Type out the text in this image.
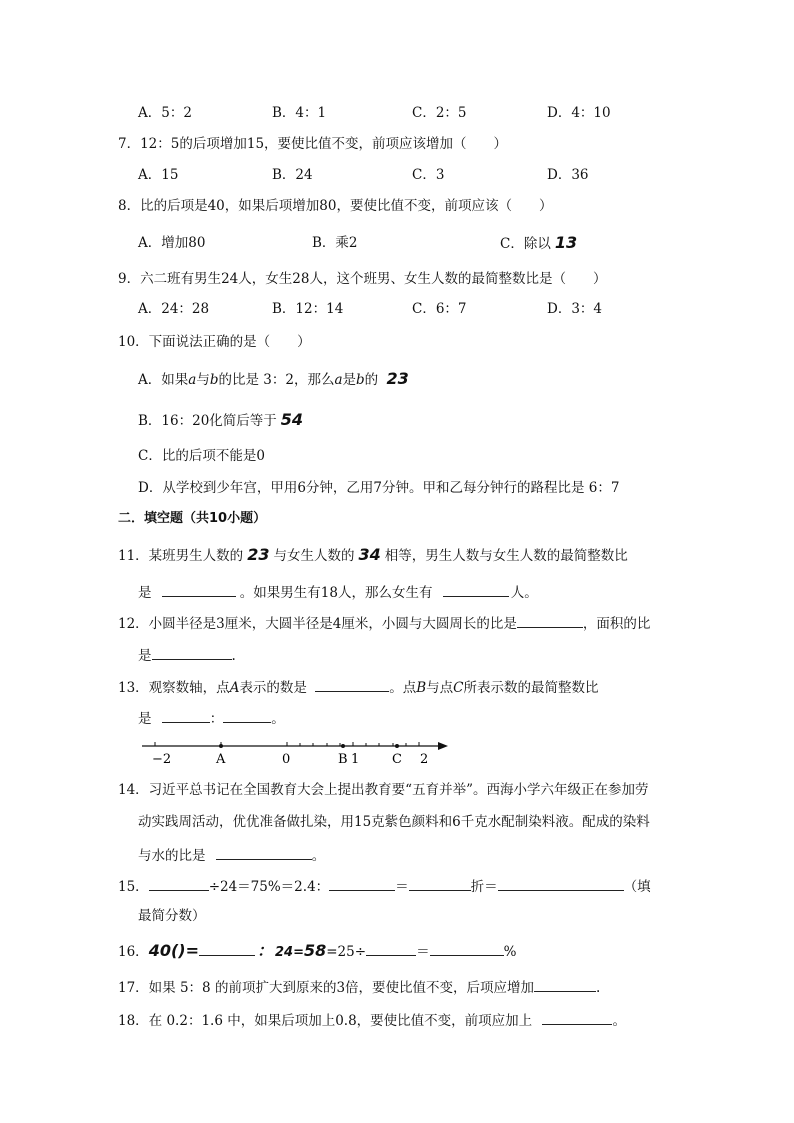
A．5：2	B．4：1	C．2：5	D．4：10
7．12：5的后项增加15，要使比值不变，前项应该增加（　　）
A．15	B．24	C．3	D．36
8．比的后项是40，如果后项增加80，要使比值不变，前项应该（　　）
A．增加80	B．乘2	C．除以 13
9．六二班有男生24人，女生28人，这个班男、女生人数的最简整数比是（　　）
A．24：28	B．12：14	C．6：7	D．3：4
10．下面说法正确的是（　　）
A．如果a与b的比是 3：2，那么a是b的 23
B．16：20化简后等于 54
C．比的后项不能是0
D．从学校到少年宫，甲用6分钟，乙用7分钟。甲和乙每分钟行的路程比是 6：7
二．填空题（共10小题）
11．某班男生人数的 23 与女生人数的 34 相等，男生人数与女生人数的最简整数比
是	。如果男生有18人，那么女生有	人。
12．小圆半径是3厘米，大圆半径是4厘米，小圆与大圆周长的比是	，面积的比
是	.
13．观察数轴，点A表示的数是	。点B与点C所表示数的最简整数比
是	：	。
−2	A	0	B 1	C 2
14．习近平总书记在全国教育大会上提出教育要“五育并举”。西海小学六年级正在参加劳
动实践周活动，优优准备做扎染，用15克紫色颜料和6千克水配制染料液。配成的染料
与水的比是	。
15．	÷24＝75%＝2.4：	＝	折＝	（填
最简分数）
16．40()=	： 24=58=25÷	＝	%
17．如果 5：8 的前项扩大到原来的3倍，要使比值不变，后项应增加	.
18．在 0.2：1.6 中，如果后项加上0.8，要使比值不变，前项应加上	。
